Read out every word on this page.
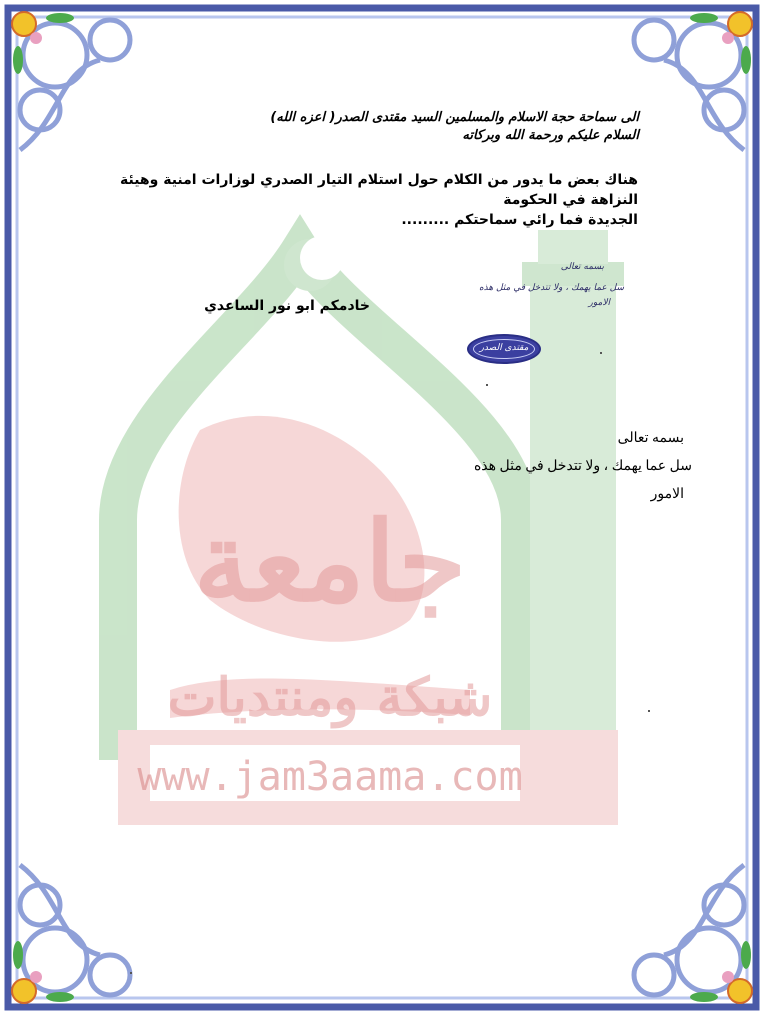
جامعة
شبكة ومنتديات
www.jam3aama.com
الى سماحة حجة الاسلام والمسلمين السيد مقتدى الصدر( اعزه الله)
السلام عليكم ورحمة الله وبركاته
هناك بعض ما يدور من الكلام حول استلام التيار الصدري لوزارات امنية وهيئة
النزاهة في الحكومة
الجديدة فما رائي سماحتكم .........
خادمكم ابو نور الساعدي
بسمه تعالى
سل عما يهمك ، ولا تتدخل في مثل هذه
الامور
مقتدى الصدر
بسمه تعالى
سل عما يهمك ، ولا تتدخل في مثل هذه
الامور
